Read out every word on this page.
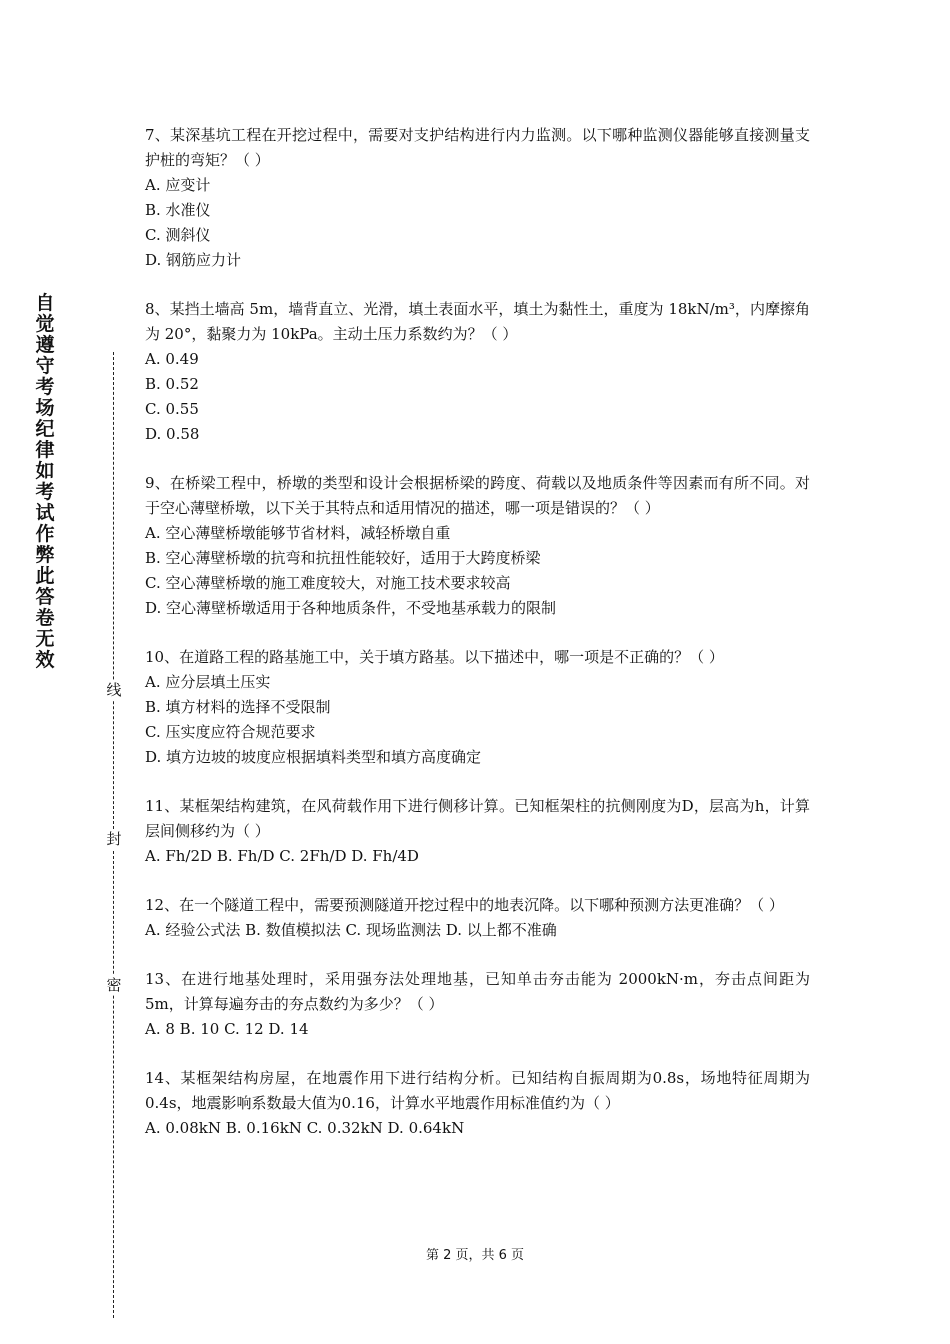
自觉遵守考场纪律如考试作弊此答卷无效
线
封
密
7、某深基坑工程在开挖过程中，需要对支护结构进行内力监测。以下哪种监测仪器能够直接测量支护桩的弯矩？（ ）
A. 应变计
B. 水准仪
C. 测斜仪
D. 钢筋应力计
8、某挡土墙高 5m，墙背直立、光滑，填土表面水平，填土为黏性土，重度为 18kN/m³，内摩擦角为 20°，黏聚力为 10kPa。主动土压力系数约为？（ ）
A. 0.49
B. 0.52
C. 0.55
D. 0.58
9、在桥梁工程中，桥墩的类型和设计会根据桥梁的跨度、荷载以及地质条件等因素而有所不同。对于空心薄壁桥墩，以下关于其特点和适用情况的描述，哪一项是错误的？（ ）
A. 空心薄壁桥墩能够节省材料，减轻桥墩自重
B. 空心薄壁桥墩的抗弯和抗扭性能较好，适用于大跨度桥梁
C. 空心薄壁桥墩的施工难度较大，对施工技术要求较高
D. 空心薄壁桥墩适用于各种地质条件，不受地基承载力的限制
10、在道路工程的路基施工中，关于填方路基。以下描述中，哪一项是不正确的？（ ）
A. 应分层填土压实
B. 填方材料的选择不受限制
C. 压实度应符合规范要求
D. 填方边坡的坡度应根据填料类型和填方高度确定
11、某框架结构建筑，在风荷载作用下进行侧移计算。已知框架柱的抗侧刚度为D，层高为h，计算层间侧移约为（ ）
A. Fh/2D B. Fh/D C. 2Fh/D D. Fh/4D
12、在一个隧道工程中，需要预测隧道开挖过程中的地表沉降。以下哪种预测方法更准确？（ ）
A. 经验公式法 B. 数值模拟法 C. 现场监测法 D. 以上都不准确
13、在进行地基处理时，采用强夯法处理地基，已知单击夯击能为 2000kN·m，夯击点间距为 5m，计算每遍夯击的夯点数约为多少？（ ）
A. 8 B. 10 C. 12 D. 14
14、某框架结构房屋，在地震作用下进行结构分析。已知结构自振周期为0.8s，场地特征周期为0.4s，地震影响系数最大值为0.16，计算水平地震作用标准值约为（ ）
A. 0.08kN B. 0.16kN C. 0.32kN D. 0.64kN
第 2 页，共 6 页
